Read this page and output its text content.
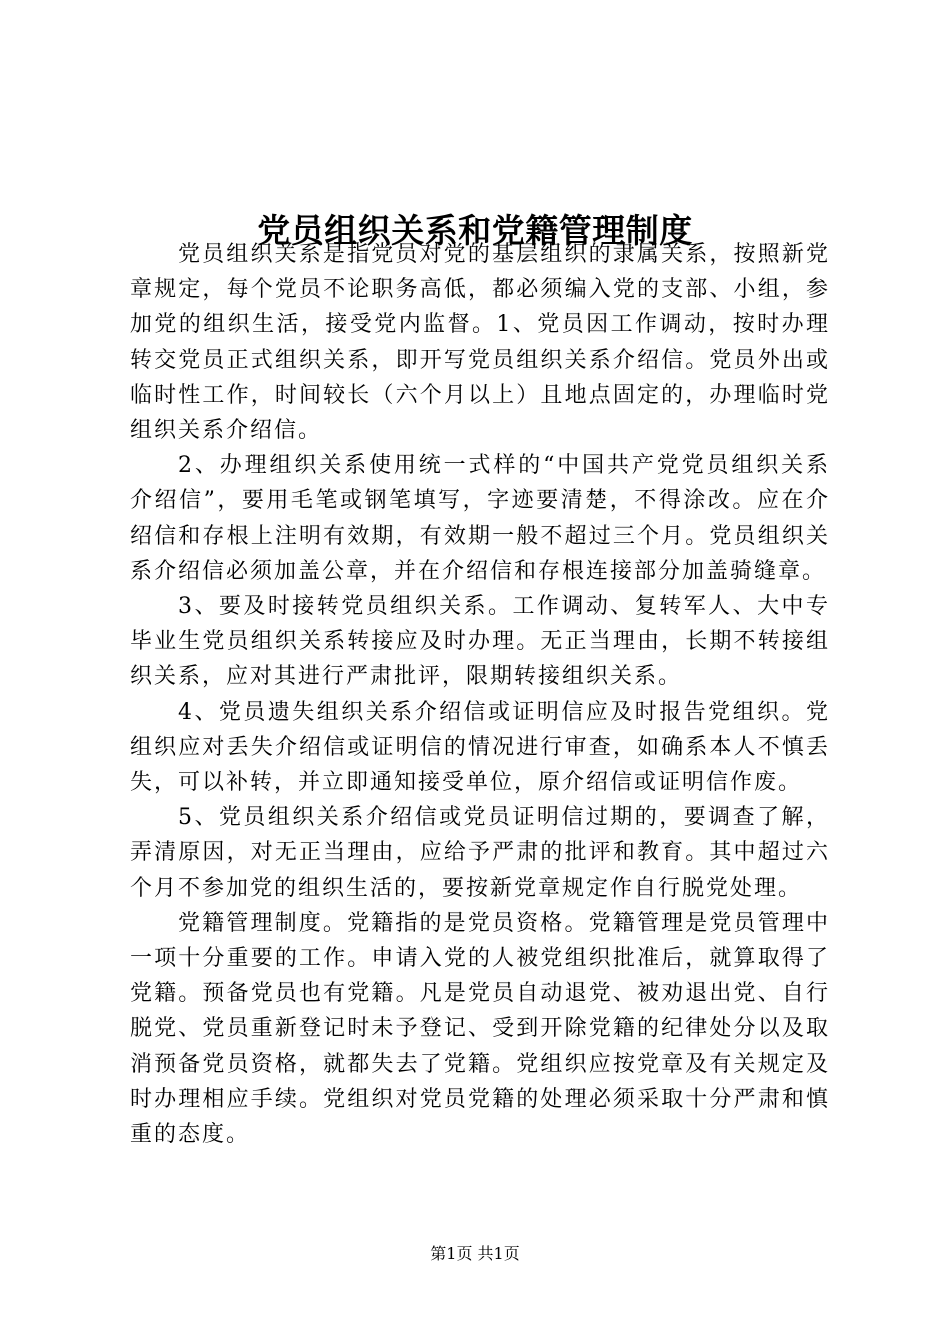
党员组织关系和党籍管理制度

党员组织关系是指党员对党的基层组织的隶属关系，按照新党章规定，每个党员不论职务高低，都必须编入党的支部、小组，参加党的组织生活，接受党内监督。1、党员因工作调动，按时办理转交党员正式组织关系，即开写党员组织关系介绍信。党员外出或临时性工作，时间较长（六个月以上）且地点固定的，办理临时党组织关系介绍信。

2、办理组织关系使用统一式样的“中国共产党党员组织关系介绍信”，要用毛笔或钢笔填写，字迹要清楚，不得涂改。应在介绍信和存根上注明有效期，有效期一般不超过三个月。党员组织关系介绍信必须加盖公章，并在介绍信和存根连接部分加盖骑缝章。

3、要及时接转党员组织关系。工作调动、复转军人、大中专毕业生党员组织关系转接应及时办理。无正当理由，长期不转接组织关系，应对其进行严肃批评，限期转接组织关系。

4、党员遗失组织关系介绍信或证明信应及时报告党组织。党组织应对丢失介绍信或证明信的情况进行审查，如确系本人不慎丢失，可以补转，并立即通知接受单位，原介绍信或证明信作废。

5、党员组织关系介绍信或党员证明信过期的，要调查了解，弄清原因，对无正当理由，应给予严肃的批评和教育。其中超过六个月不参加党的组织生活的，要按新党章规定作自行脱党处理。

党籍管理制度。党籍指的是党员资格。党籍管理是党员管理中一项十分重要的工作。申请入党的人被党组织批准后，就算取得了党籍。预备党员也有党籍。凡是党员自动退党、被劝退出党、自行脱党、党员重新登记时未予登记、受到开除党籍的纪律处分以及取消预备党员资格，就都失去了党籍。党组织应按党章及有关规定及时办理相应手续。党组织对党员党籍的处理必须采取十分严肃和慎重的态度。

第1页 共1页
